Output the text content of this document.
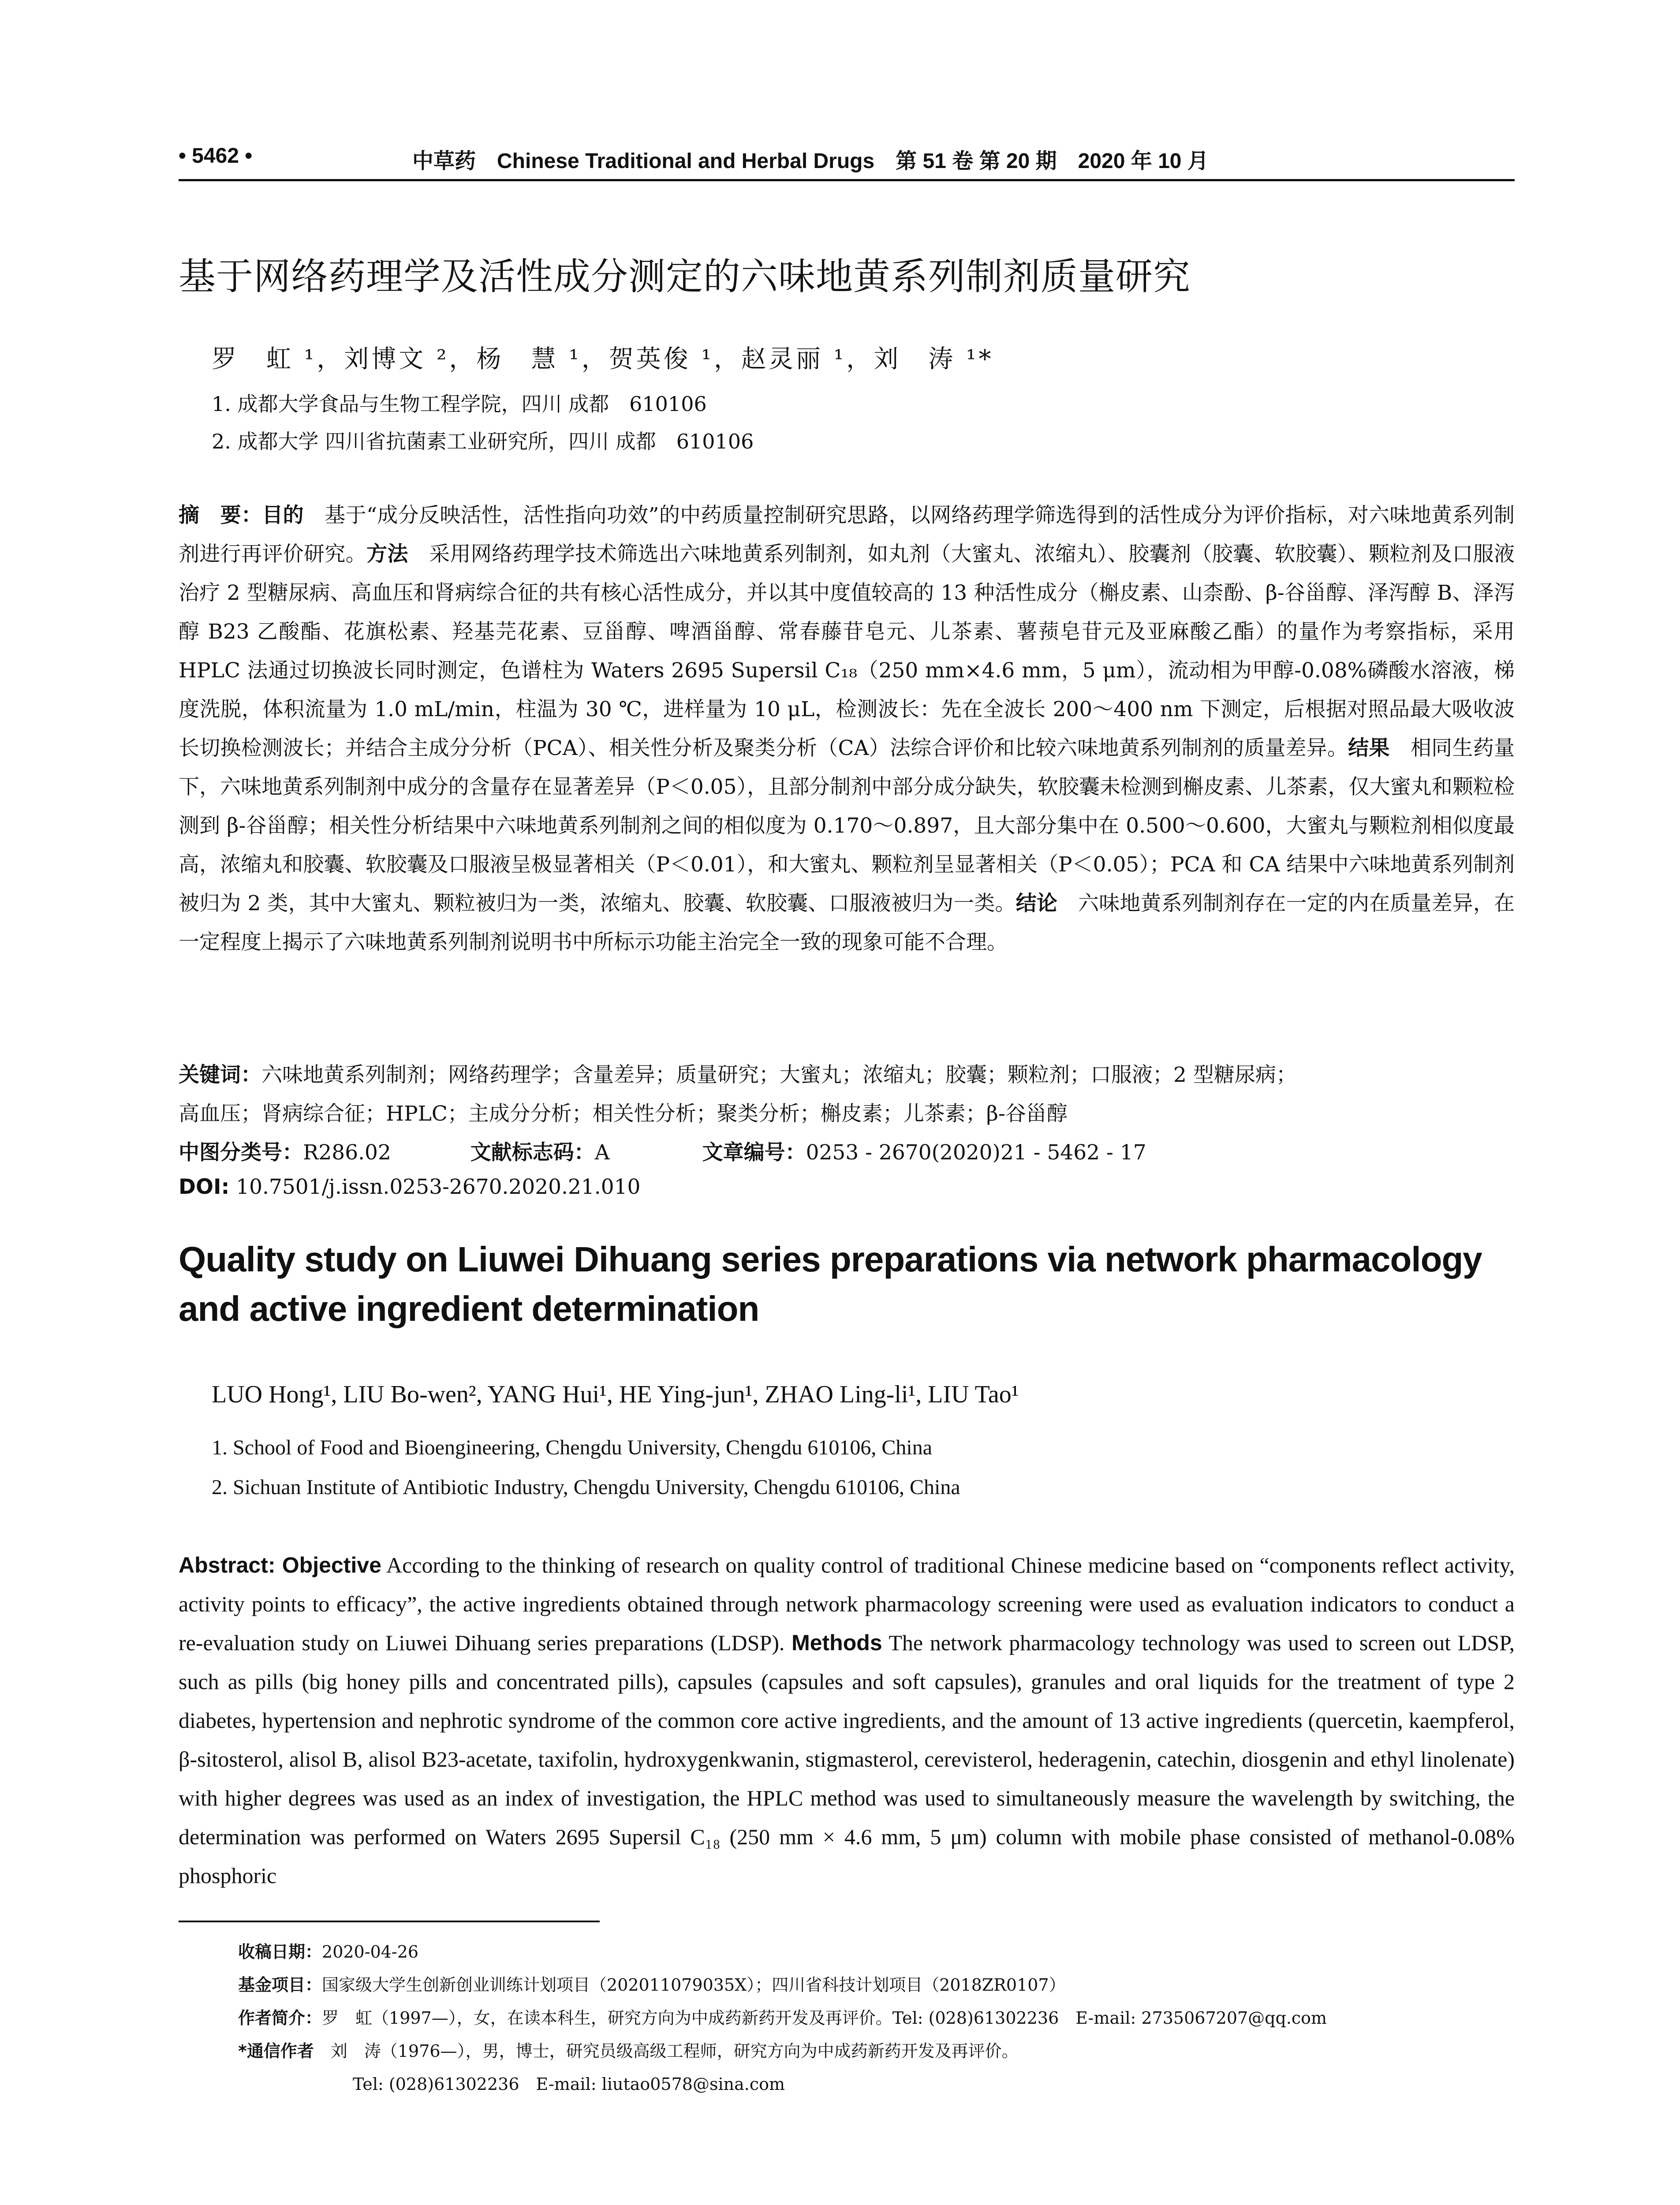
• 5462 •	中草药　Chinese Traditional and Herbal Drugs　第 51 卷 第 20 期　2020 年 10 月
基于网络药理学及活性成分测定的六味地黄系列制剂质量研究
罗　虹 ¹，刘博文 ²，杨　慧 ¹，贺英俊 ¹，赵灵丽 ¹，刘　涛 ¹*
1. 成都大学食品与生物工程学院，四川 成都　610106
2. 成都大学 四川省抗菌素工业研究所，四川 成都　610106
摘　要：目的　基于“成分反映活性，活性指向功效”的中药质量控制研究思路，以网络药理学筛选得到的活性成分为评价指标，对六味地黄系列制剂进行再评价研究。方法　采用网络药理学技术筛选出六味地黄系列制剂，如丸剂（大蜜丸、浓缩丸）、胶囊剂（胶囊、软胶囊）、颗粒剂及口服液治疗 2 型糖尿病、高血压和肾病综合征的共有核心活性成分，并以其中度值较高的 13 种活性成分（槲皮素、山柰酚、β-谷甾醇、泽泻醇 B、泽泻醇 B23 乙酸酯、花旗松素、羟基芫花素、豆甾醇、啤酒甾醇、常春藤苷皂元、儿茶素、薯蓣皂苷元及亚麻酸乙酯）的量作为考察指标，采用 HPLC 法通过切换波长同时测定，色谱柱为 Waters 2695 Supersil C₁₈（250 mm×4.6 mm，5 μm），流动相为甲醇-0.08%磷酸水溶液，梯度洗脱，体积流量为 1.0 mL/min，柱温为 30 ℃，进样量为 10 μL，检测波长：先在全波长 200～400 nm 下测定，后根据对照品最大吸收波长切换检测波长；并结合主成分分析（PCA）、相关性分析及聚类分析（CA）法综合评价和比较六味地黄系列制剂的质量差异。结果　相同生药量下，六味地黄系列制剂中成分的含量存在显著差异（P＜0.05），且部分制剂中部分成分缺失，软胶囊未检测到槲皮素、儿茶素，仅大蜜丸和颗粒检测到 β-谷甾醇；相关性分析结果中六味地黄系列制剂之间的相似度为 0.170～0.897，且大部分集中在 0.500～0.600，大蜜丸与颗粒剂相似度最高，浓缩丸和胶囊、软胶囊及口服液呈极显著相关（P＜0.01），和大蜜丸、颗粒剂呈显著相关（P＜0.05）；PCA 和 CA 结果中六味地黄系列制剂被归为 2 类，其中大蜜丸、颗粒被归为一类，浓缩丸、胶囊、软胶囊、口服液被归为一类。结论　六味地黄系列制剂存在一定的内在质量差异，在一定程度上揭示了六味地黄系列制剂说明书中所标示功能主治完全一致的现象可能不合理。
关键词：六味地黄系列制剂；网络药理学；含量差异；质量研究；大蜜丸；浓缩丸；胶囊；颗粒剂；口服液；2 型糖尿病；
高血压；肾病综合征；HPLC；主成分分析；相关性分析；聚类分析；槲皮素；儿茶素；β-谷甾醇
中图分类号：R286.02	文献标志码：A	文章编号：0253 - 2670(2020)21 - 5462 - 17
DOI: 10.7501/j.issn.0253-2670.2020.21.010
Quality study on Liuwei Dihuang series preparations via network pharmacology and active ingredient determination
LUO Hong¹, LIU Bo-wen², YANG Hui¹, HE Ying-jun¹, ZHAO Ling-li¹, LIU Tao¹
1. School of Food and Bioengineering, Chengdu University, Chengdu 610106, China
2. Sichuan Institute of Antibiotic Industry, Chengdu University, Chengdu 610106, China
Abstract: Objective According to the thinking of research on quality control of traditional Chinese medicine based on “components reflect activity, activity points to efficacy”, the active ingredients obtained through network pharmacology screening were used as evaluation indicators to conduct a re-evaluation study on Liuwei Dihuang series preparations (LDSP). Methods The network pharmacology technology was used to screen out LDSP, such as pills (big honey pills and concentrated pills), capsules (capsules and soft capsules), granules and oral liquids for the treatment of type 2 diabetes, hypertension and nephrotic syndrome of the common core active ingredients, and the amount of 13 active ingredients (quercetin, kaempferol, β-sitosterol, alisol B, alisol B23-acetate, taxifolin, hydroxygenkwanin, stigmasterol, cerevisterol, hederagenin, catechin, diosgenin and ethyl linolenate) with higher degrees was used as an index of investigation, the HPLC method was used to simultaneously measure the wavelength by switching, the determination was performed on Waters 2695 Supersil C₁₈ (250 mm × 4.6 mm, 5 μm) column with mobile phase consisted of methanol-0.08% phosphoric
收稿日期：2020-04-26
基金项目：国家级大学生创新创业训练计划项目（202011079035X）；四川省科技计划项目（2018ZR0107）
作者简介：罗　虹（1997—），女，在读本科生，研究方向为中成药新药开发及再评价。Tel: (028)61302236　E-mail: 2735067207@qq.com
*通信作者　刘　涛（1976—），男，博士，研究员级高级工程师，研究方向为中成药新药开发及再评价。
Tel: (028)61302236　E-mail: liutao0578@sina.com
